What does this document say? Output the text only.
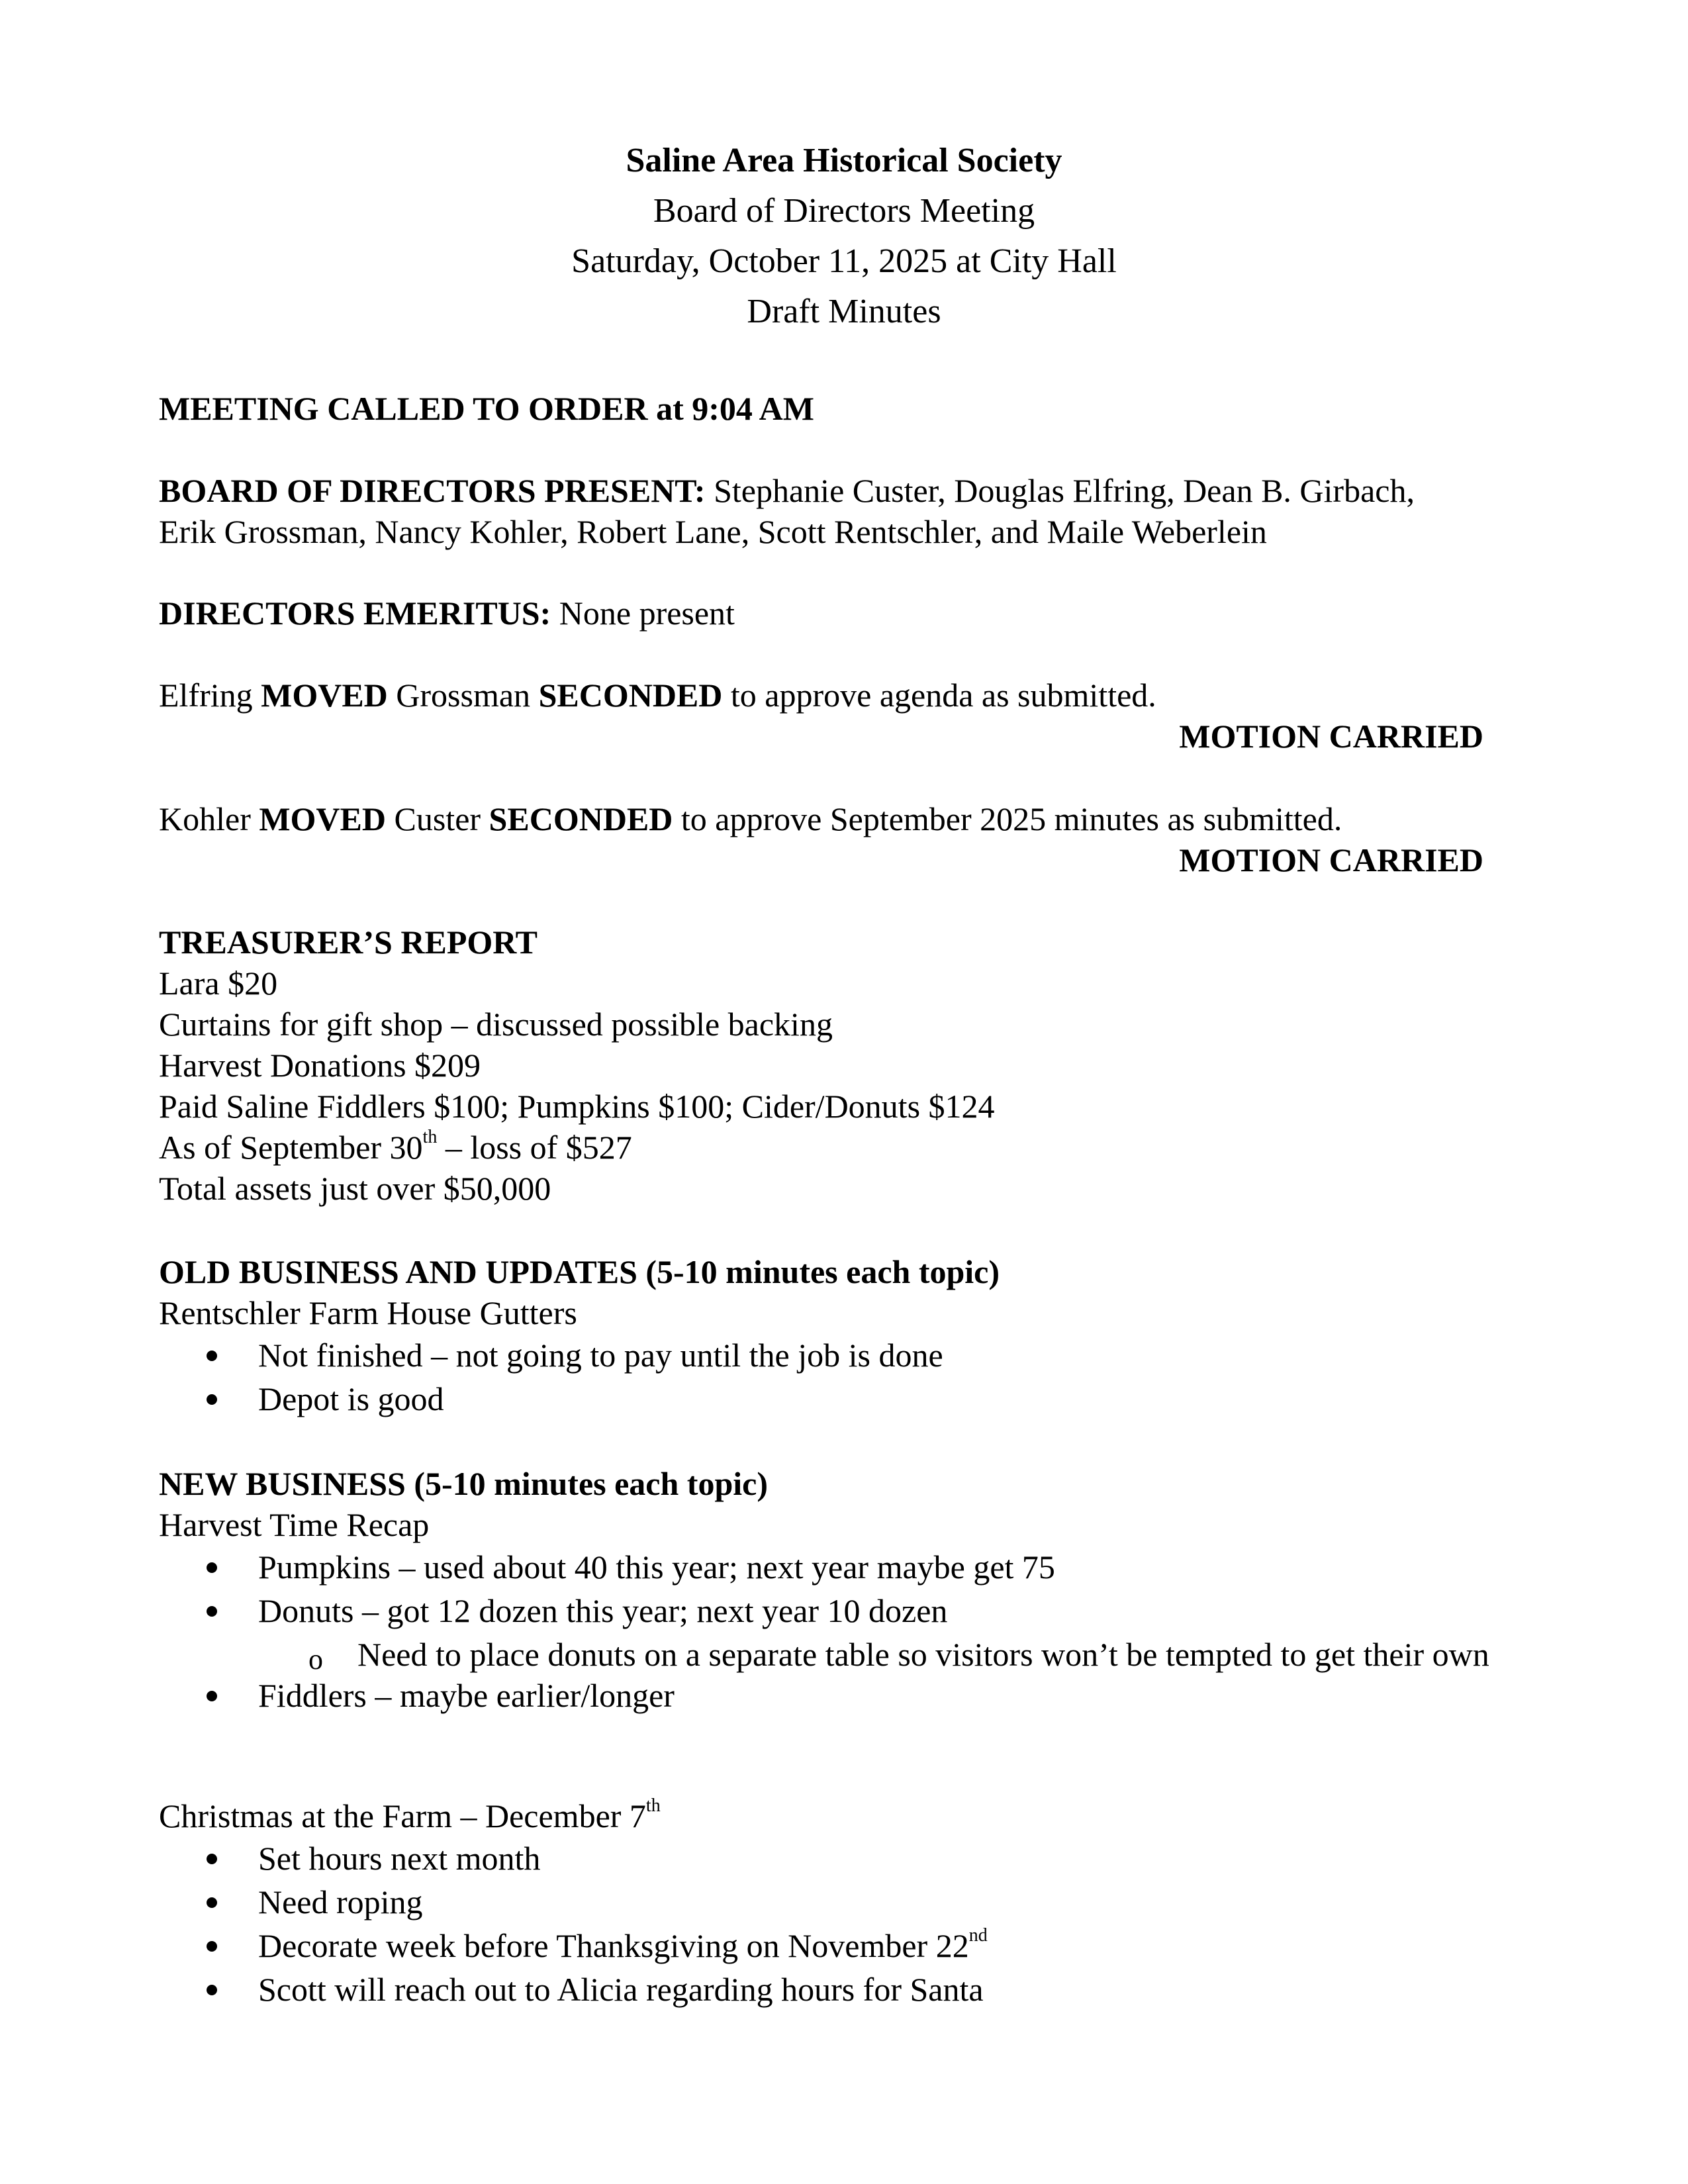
Saline Area Historical Society
Board of Directors Meeting
Saturday, October 11, 2025 at City Hall
Draft Minutes
MEETING CALLED TO ORDER at 9:04 AM
BOARD OF DIRECTORS PRESENT: Stephanie Custer, Douglas Elfring, Dean B. Girbach,
Erik Grossman, Nancy Kohler, Robert Lane, Scott Rentschler, and Maile Weberlein
DIRECTORS EMERITUS: None present
Elfring MOVED Grossman SECONDED to approve agenda as submitted.
MOTION CARRIED
Kohler MOVED Custer SECONDED to approve September 2025 minutes as submitted.
MOTION CARRIED
TREASURER’S REPORT
Lara $20
Curtains for gift shop – discussed possible backing
Harvest Donations $209
Paid Saline Fiddlers $100; Pumpkins $100; Cider/Donuts $124
As of September 30th – loss of $527
Total assets just over $50,000
OLD BUSINESS AND UPDATES (5-10 minutes each topic)
Rentschler Farm House Gutters
Not finished – not going to pay until the job is done
Depot is good
NEW BUSINESS (5-10 minutes each topic)
Harvest Time Recap
Pumpkins – used about 40 this year; next year maybe get 75
Donuts – got 12 dozen this year; next year 10 dozen
o Need to place donuts on a separate table so visitors won’t be tempted to get their own
Fiddlers – maybe earlier/longer
Christmas at the Farm – December 7th
Set hours next month
Need roping
Decorate week before Thanksgiving on November 22nd
Scott will reach out to Alicia regarding hours for Santa
